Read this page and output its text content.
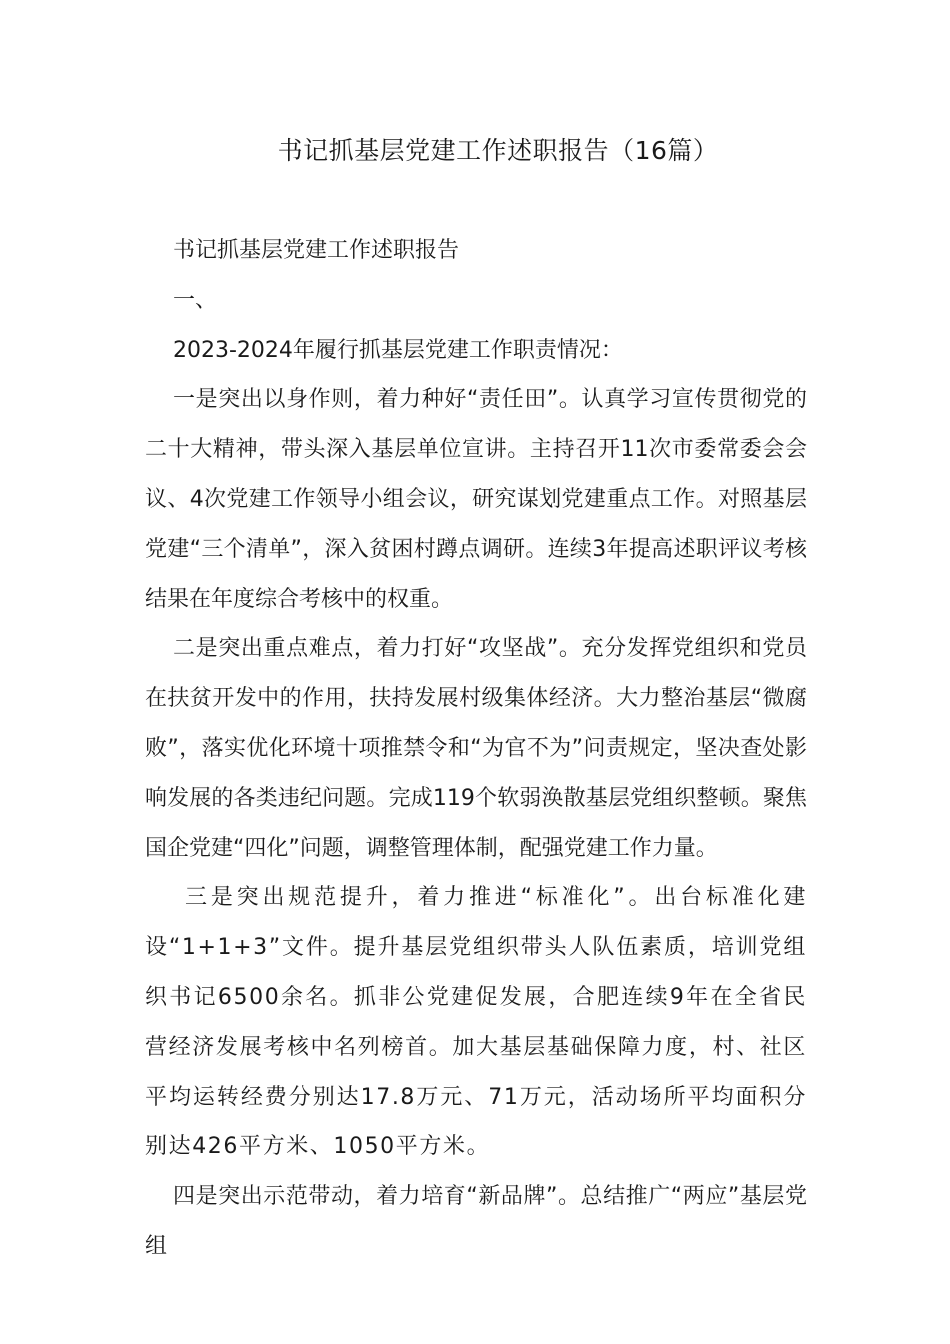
书记抓基层党建工作述职报告（16篇）

书记抓基层党建工作述职报告

一、

2023-2024年履行抓基层党建工作职责情况：

一是突出以身作则，着力种好“责任田”。认真学习宣传贯彻党的二十大精神，带头深入基层单位宣讲。主持召开11次市委常委会会议、4次党建工作领导小组会议，研究谋划党建重点工作。对照基层党建“三个清单”，深入贫困村蹲点调研。连续3年提高述职评议考核结果在年度综合考核中的权重。

二是突出重点难点，着力打好“攻坚战”。充分发挥党组织和党员在扶贫开发中的作用，扶持发展村级集体经济。大力整治基层“微腐败”，落实优化环境十项推禁令和“为官不为”问责规定，坚决查处影响发展的各类违纪问题。完成119个软弱涣散基层党组织整顿。聚焦国企党建“四化”问题，调整管理体制，配强党建工作力量。

三是突出规范提升，着力推进“标准化”。出台标准化建设“1+1+3”文件。提升基层党组织带头人队伍素质，培训党组织书记6500余名。抓非公党建促发展，合肥连续9年在全省民营经济发展考核中名列榜首。加大基层基础保障力度，村、社区平均运转经费分别达17.8万元、71万元，活动场所平均面积分别达426平方米、1050平方米。

四是突出示范带动，着力培育“新品牌”。总结推广“两应”基层党组
